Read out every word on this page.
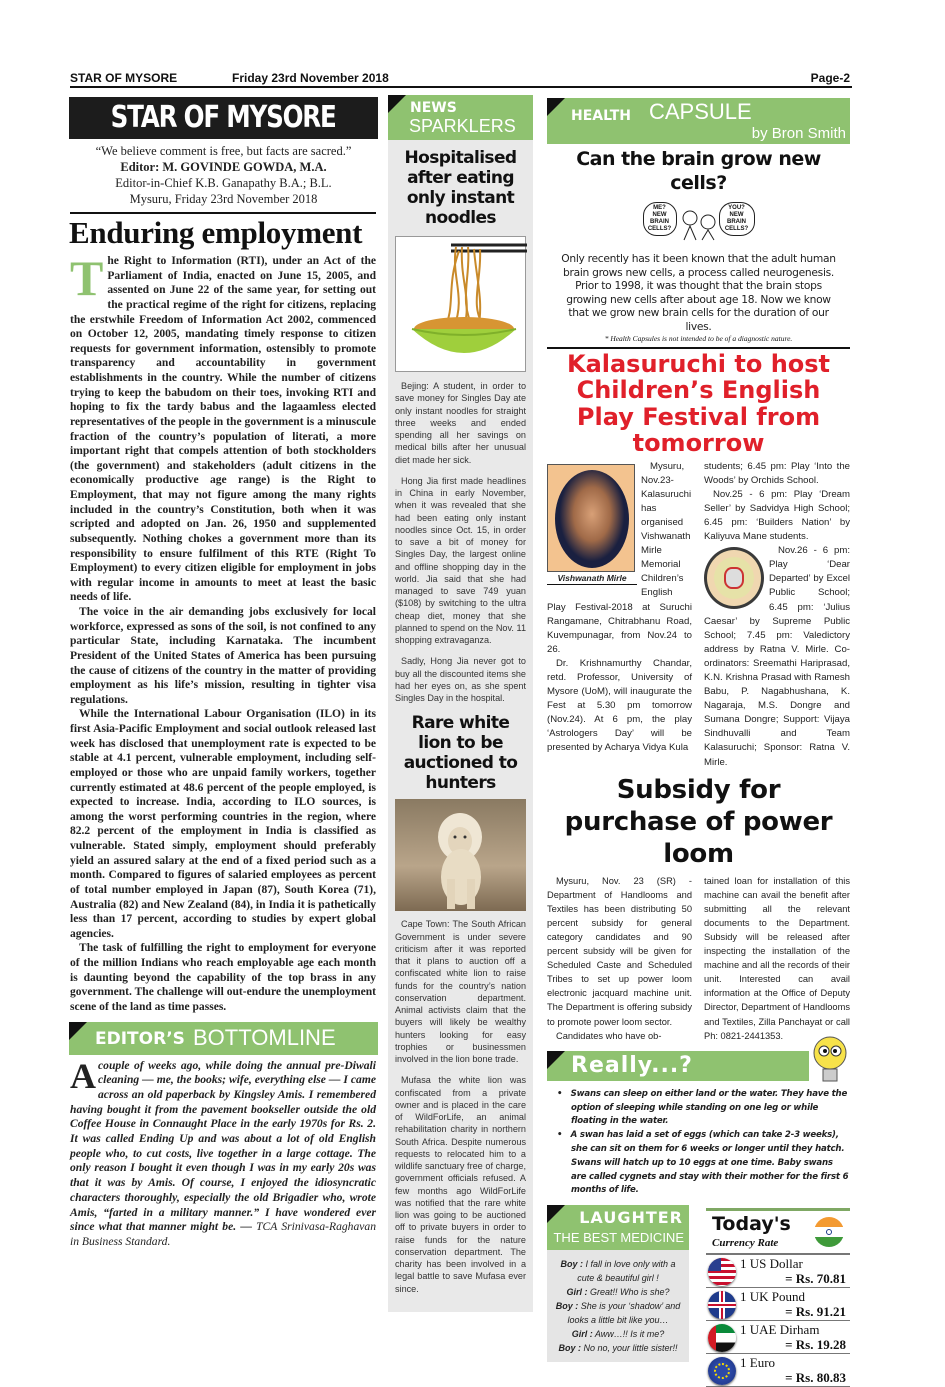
STAR OF MYSORE	Friday 23rd November 2018	Page-2
STAR OF MYSORE
“We believe comment is free, but facts are sacred.”
Editor: M. GOVINDE GOWDA, M.A.
Editor-in-Chief K.B. Ganapathy B.A.; B.L.
Mysuru, Friday 23rd November 2018
Enduring employment

The Right to Information (RTI), under an Act of the Parliament of India, enacted on June 15, 2005, and assented on June 22 of the same year, for setting out the practical regime of the right for citizens, replacing the erstwhile Freedom of Information Act 2002, commenced on October 12, 2005, mandating timely response to citizen requests for government information, ostensibly to promote transparency and accountability in government establishments in the country. While the number of citizens trying to keep the babudom on their toes, invoking RTI and hoping to fix the tardy babus and the lagaamless elected representatives of the people in the government is a minuscule fraction of the country’s population of literati, a more important right that compels attention of both stockholders (the government) and stakeholders (adult citizens in the economically productive age range) is the Right to Employment, that may not figure among the many rights included in the country’s Constitution, both when it was scripted and adopted on Jan. 26, 1950 and supplemented subsequently. Nothing chokes a government more than its responsibility to ensure fulfilment of this RTE (Right To Employment) to every citizen eligible for employment in jobs with regular income in amounts to meet at least the basic needs of life.

The voice in the air demanding jobs exclusively for local workforce, expressed as sons of the soil, is not confined to any particular State, including Karnataka. The incumbent President of the United States of America has been pursuing the cause of citizens of the country in the matter of providing employment as his life’s mission, resulting in tighter visa regulations.

While the International Labour Organisation (ILO) in its first Asia-Pacific Employment and social outlook released last week has disclosed that unemployment rate is expected to be stable at 4.1 percent, vulnerable employment, including self-employed or those who are unpaid family workers, together currently estimated at 48.6 percent of the people employed, is expected to increase. India, according to ILO sources, is among the worst performing countries in the region, where 82.2 percent of the employment in India is classified as vulnerable. Stated simply, employment should preferably yield an assured salary at the end of a fixed period such as a month. Compared to figures of salaried employees as percent of total number employed in Japan (87), South Korea (71), Australia (82) and New Zealand (84), in India it is pathetically less than 17 percent, according to studies by expert global agencies.

The task of fulfilling the right to employment for everyone of the million Indians who reach employable age each month is daunting beyond the capability of the top brass in any government. The challenge will out-endure the unemployment scene of the land as time passes.

EDITOR’S BOTTOMLINE
A couple of weeks ago, while doing the annual pre-Diwali cleaning — me, the books; wife, everything else — I came across an old paperback by Kingsley Amis. I remembered having bought it from the pavement bookseller outside the old Coffee House in Connaught Place in the early 1970s for Rs. 2. It was called Ending Up and was about a lot of old English people who, to cut costs, live together in a large cottage. The only reason I bought it even though I was in my early 20s was that it was by Amis. Of course, I enjoyed the idiosyncratic characters thoroughly, especially the old Brigadier who, wrote Amis, “farted in a military manner.” I have wondered ever since what that manner might be. — TCA Srinivasa-Raghavan in Business Standard.
NEWS
SPARKLERS
Hospitalised after eating only instant noodles

Bejing: A student, in order to save money for Singles Day ate only instant noodles for straight three weeks and ended spending all her savings on medical bills after her unusual diet made her sick.

Hong Jia first made headlines in China in early November, when it was revealed that she had been eating only instant noodles since Oct. 15, in order to save a bit of money for Singles Day, the largest online and offline shopping day in the world. Jia said that she had managed to save 749 yuan ($108) by switching to the ultra cheap diet, money that she planned to spend on the Nov. 11 shopping extravaganza.

Sadly, Hong Jia never got to buy all the discounted items she had her eyes on, as she spent Singles Day in the hospital.

Rare white lion to be auctioned to hunters

Cape Town: The South African Government is under severe criticism after it was reported that it plans to auction off a confiscated white lion to raise funds for the country’s nation conservation department. Animal activists claim that the buyers will likely be wealthy hunters looking for easy trophies or businessmen involved in the lion bone trade.

Mufasa the white lion was confiscated from a private owner and is placed in the care of WildForLife, an animal rehabilitation charity in northern South Africa. Despite numerous requests to relocated him to a wildlife sanctuary free of charge, government officials refused. A few months ago WildForLife was notified that the rare white lion was going to be auctioned off to private buyers in order to raise funds for the nature conservation department. The charity has been involved in a legal battle to save Mufasa ever since.

HEALTH CAPSULE
by Bron Smith
Can the brain grow new cells?
ME? NEW BRAIN CELLS?
YOU? NEW BRAIN CELLS?
Only recently has it been known that the adult human brain grows new cells, a process called neurogenesis. Prior to 1998, it was thought that the brain stops growing new cells after about age 18. Now we know that we grow new brain cells for the duration of our lives.
* Health Capsules is not intended to be of a diagnostic nature.
Kalasuruchi to host Children’s English Play Festival from tomorrow
Vishwanath Mirle

Mysuru, Nov.23- Kalasuruchi has organised Vishwanath Mirle Memorial Children’s English Play Festival-2018 at Suruchi Rangamane, Chitrabhanu Road, Kuvempunagar, from Nov.24 to 26.

Dr. Krishnamurthy Chandar, retd. Professor, University of Mysore (UoM), will inaugurate the Fest at 5.30 pm tomorrow (Nov.24). At 6 pm, the play ‘Astrologers Day’ will be presented by Acharya Vidya Kula

students; 6.45 pm: Play ‘Into the Woods’ by Orchids School.

Nov.25 - 6 pm: Play ‘Dream Seller’ by Sadvidya High School; 6.45 pm: ‘Builders Nation’ by Kaliyuva Mane students.

Nov.26 - 6 pm: Play ‘Dear Departed’ by Excel Public School; 6.45 pm: ‘Julius Caesar’ by Supreme Public School; 7.45 pm: Valedictory address by Ratna V. Mirle. Co-ordinators: Sreemathi Hariprasad, K.N. Krishna Prasad with Ramesh Babu, P. Nagabhushana, K. Nagaraja, M.S. Dongre and Sumana Dongre; Support: Vijaya Sindhuvalli and Team Kalasuruchi; Sponsor: Ratna V. Mirle.

Subsidy for purchase of power loom

Mysuru, Nov. 23 (SR) - Department of Handlooms and Textiles has been distributing 50 percent subsidy for general category candidates and 90 percent subsidy will be given for Scheduled Caste and Scheduled Tribes to set up power loom electronic jacquard machine unit. The Department is offering subsidy to promote power loom sector.

Candidates who have ob-

tained loan for installation of this machine can avail the benefit after submitting all the relevant documents to the Department. Subsidy will be released after inspecting the installation of the machine and all the records of their unit. Interested can avail information at the Office of Deputy Director, Department of Handlooms and Textiles, Zilla Panchayat or call Ph: 0821-2441353.

Really...?
•   Swans can sleep on either land or the water. They have the option of sleeping while standing on one leg or while floating in the water.
•   A swan has laid a set of eggs (which can take 2-3 weeks), she can sit on them for 6 weeks or longer until they hatch. Swans will hatch up to 10 eggs at one time. Baby swans are called cygnets and stay with their mother for the first 6 months of life.
LAUGHTER
THE BEST MEDICINE
Boy : I fall in love only with a cute & beautiful girl !
Girl : Great!! Who is she?
Boy : She is your ‘shadow’ and looks a little bit like you…
Girl : Aww…!! Is it me?
Boy : No no, your little sister!!
Today's
Currency Rate
1 US Dollar
= Rs. 70.81
1 UK Pound
= Rs. 91.21
1 UAE Dirham
= Rs. 19.28
1 Euro
= Rs. 80.83
